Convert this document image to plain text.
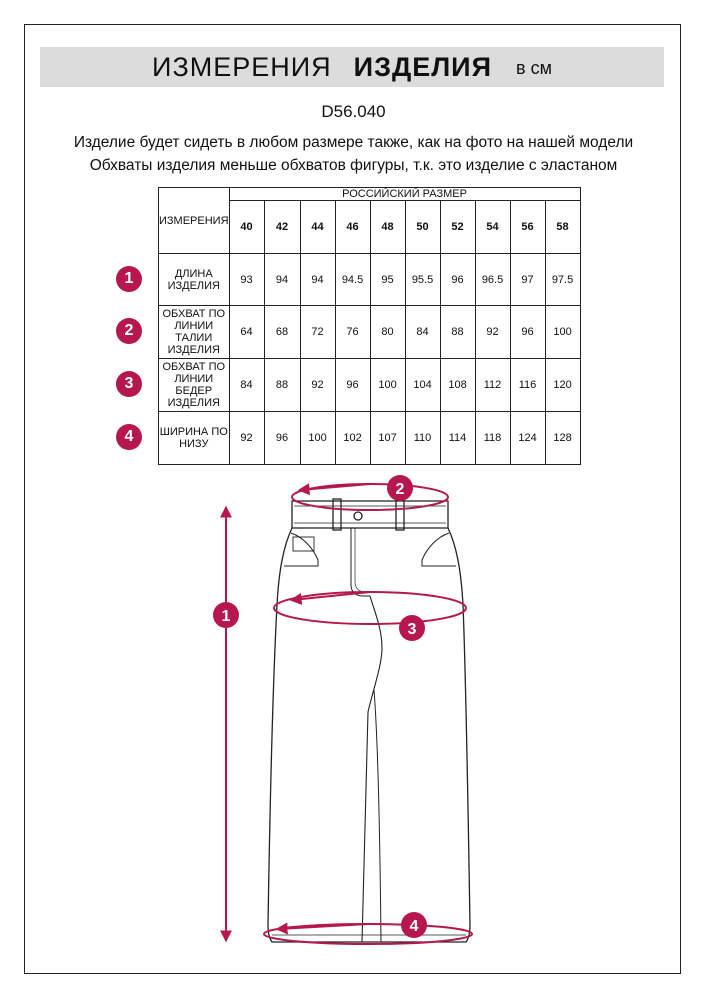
ИЗМЕРЕНИЯ ИЗДЕЛИЯ в см
D56.040
Изделие будет сидеть в любом размере также, как на фото на нашей модели
Обхваты изделия меньше обхватов фигуры, т.к. это изделие с эластаном
ИЗМЕРЕНИЯ	РОССИЙСКИЙ РАЗМЕР									
	40	42	44	46	48	50	52	54	56	58
ДЛИНА
ИЗДЕЛИЯ	93	94	94	94.5	95	95.5	96	96.5	97	97.5
ОБХВАТ ПО
ЛИНИИ
ТАЛИИ
ИЗДЕЛИЯ	64	68	72	76	80	84	88	92	96	100
ОБХВАТ ПО
ЛИНИИ
БЕДЕР
ИЗДЕЛИЯ	84	88	92	96	100	104	108	112	116	120
ШИРИНА ПО
НИЗУ	92	96	100	102	107	110	114	118	124	128
1
2
3
4
1
2
3
4
